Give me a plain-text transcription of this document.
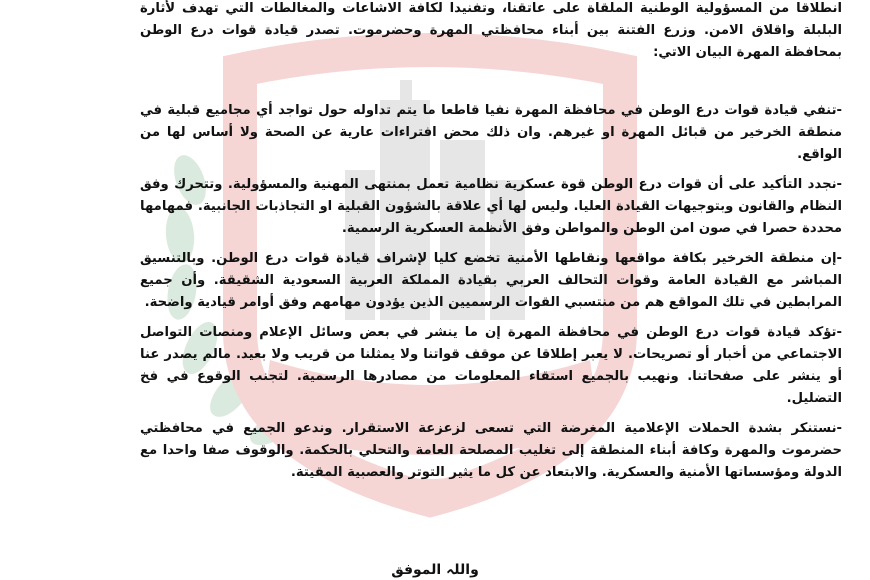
انطلاقا من المسؤولية الوطنية الملقاة على عاتقنا، وتفنيدا لكافة الاشاعات والمغالطات التي تهدف لأثارة البلبلة واقلاق الامن. وزرع الفتنة بين أبناء محافظتي المهرة وحضرموت. تصدر قيادة قوات درع الوطن بمحافظة المهرة البيان الاتي:

-تنفي قيادة قوات درع الوطن في محافظة المهرة نفيا قاطعا ما يتم تداوله حول تواجد أي مجاميع قبلية في منطقة الخرخير من قبائل المهرة او غيرهم. وان ذلك محض افتراءات عارية عن الصحة ولا أساس لها من الواقع.

-نجدد التأكيد على أن قوات درع الوطن قوة عسكرية نظامية تعمل بمنتهى المهنية والمسؤولية. وتتحرك وفق النظام والقانون وبتوجيهات القيادة العليا. وليس لها أي علاقة بالشؤون القبلية او التجاذبات الجانبية. فمهامها محددة حصرا في صون امن الوطن والمواطن وفق الأنظمة العسكرية الرسمية.

-إن منطقة الخرخير بكافة مواقعها ونقاطها الأمنية تخضع كليا لإشراف قيادة قوات درع الوطن. وبالتنسيق المباشر مع القيادة العامة وقوات التحالف العربي بقيادة المملكة العربية السعودية الشقيقة. وأن جميع المرابطين في تلك المواقع هم من منتسبي القوات الرسميين الذين يؤدون مهامهم وفق أوامر قيادية واضحة.

-تؤكد قيادة قوات درع الوطن في محافظة المهرة إن ما ينشر في بعض وسائل الإعلام ومنصات التواصل الاجتماعي من أخبار أو تصريحات. لا يعبر إطلاقا عن موقف قواتنا ولا يمثلنا من قريب ولا بعيد. مالم يصدر عنا أو ينشر على صفحاتنا. ونهيب بالجميع استقاء المعلومات من مصادرها الرسمية. لتجنب الوقوع في فخ التضليل.

-نستنكر بشدة الحملات الإعلامية المغرضة التي تسعى لزعزعة الاستقرار. وندعو الجميع في محافظتي حضرموت والمهرة وكافة أبناء المنطقة إلى تغليب المصلحة العامة والتحلي بالحكمة. والوقوف صفا واحدا مع الدولة ومؤسساتها الأمنية والعسكرية. والابتعاد عن كل ما يثير التوتر والعصبية المقيتة.

واللہ الموفق
